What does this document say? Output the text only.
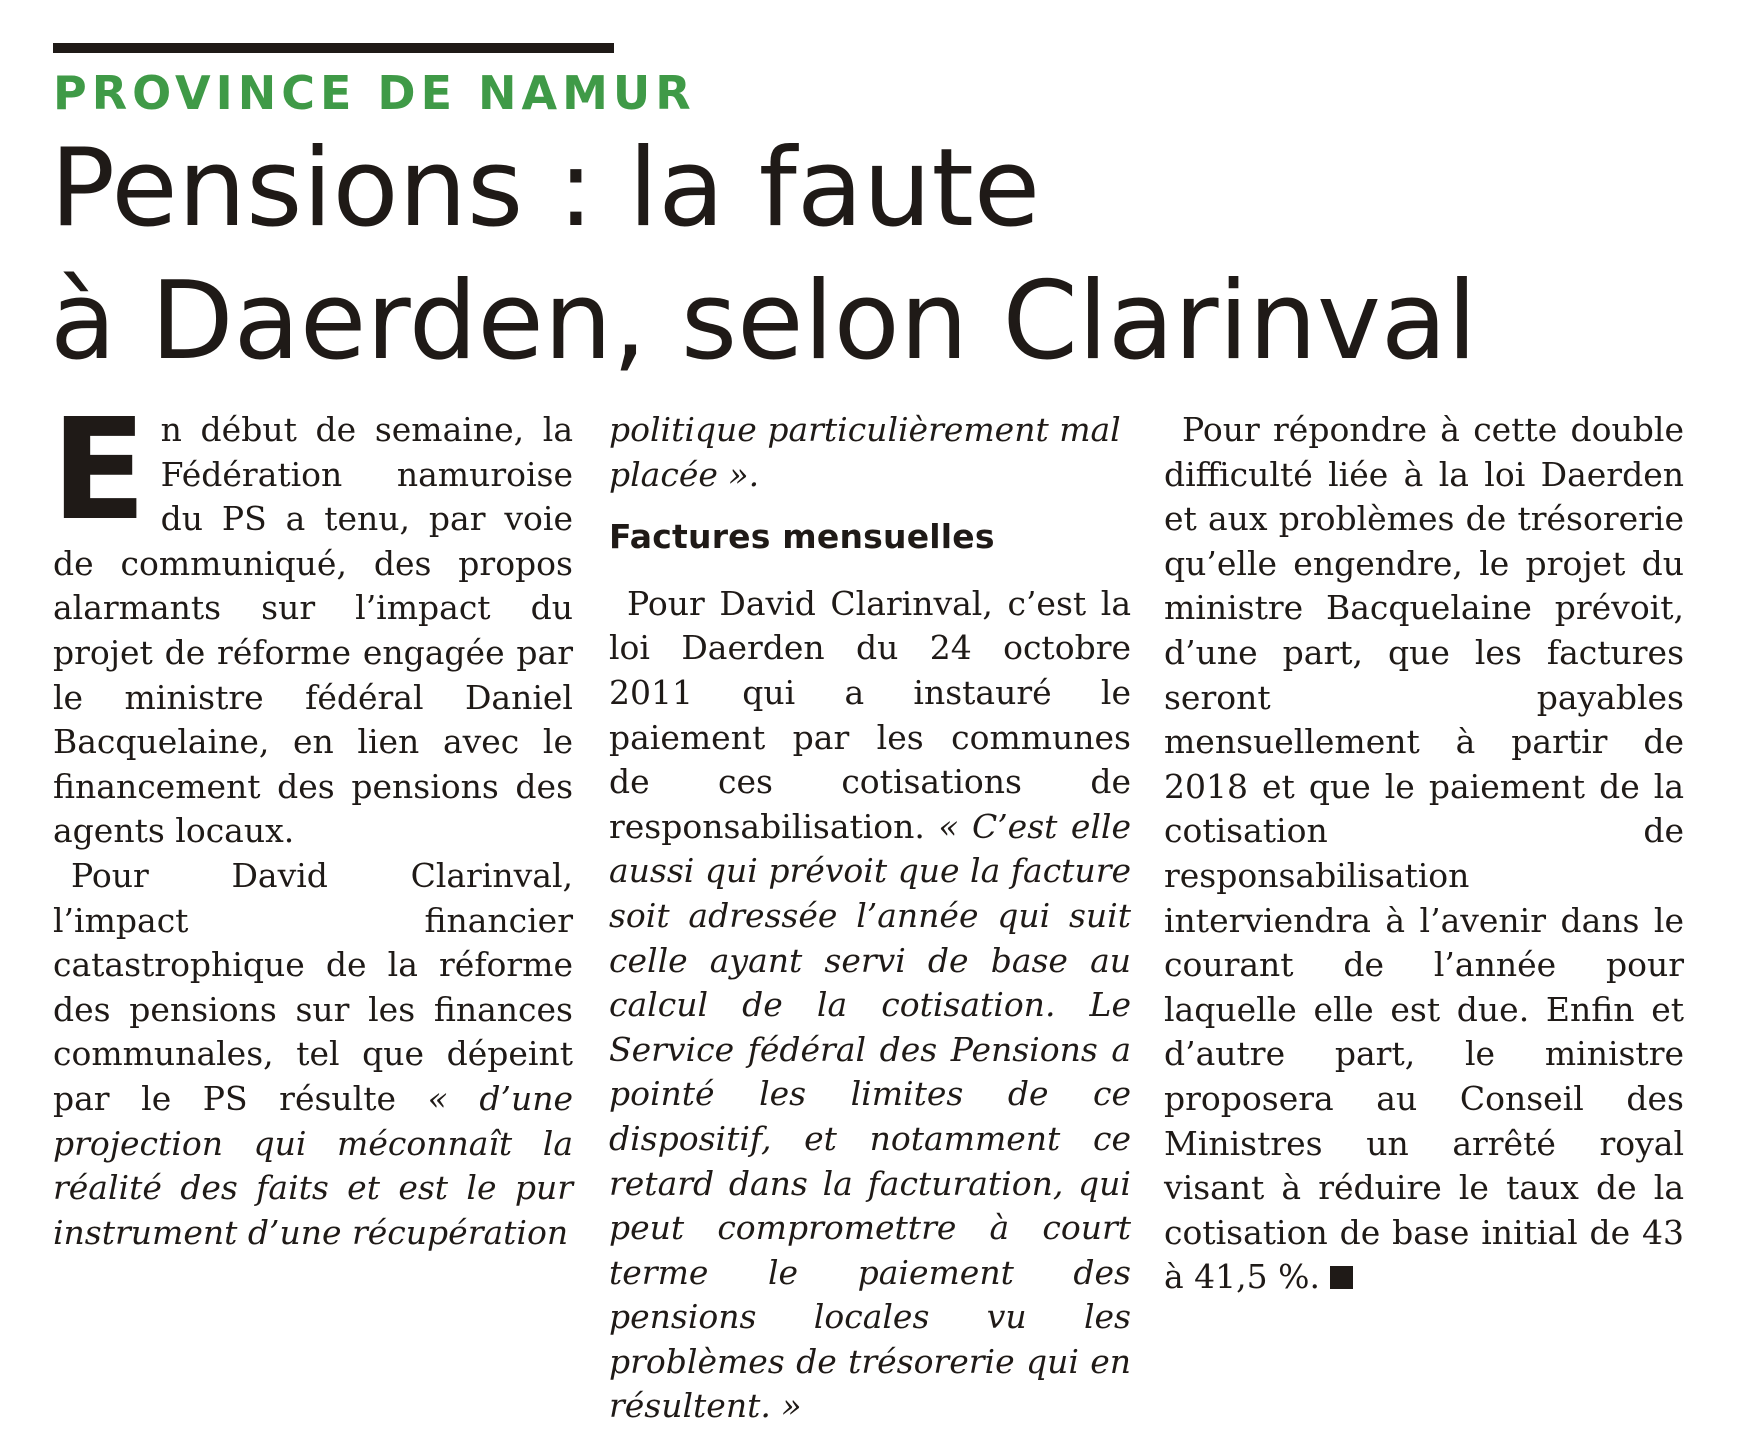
PROVINCE DE NAMUR
Pensions : la faute
à Daerden, selon Clarinval

En début de semaine, la Fédération namuroise du PS a tenu, par voie de communiqué, des propos alarmants sur l’impact du projet de réforme engagée par le ministre fédéral Daniel Bacquelaine, en lien avec le financement des pensions des agents locaux.

Pour David Clarinval, l’impact financier catastrophique de la réforme des pensions sur les finances communales, tel que dépeint par le PS résulte « d’une projection qui méconnaît la réalité des faits et est le pur instrument d’une récupération

politique particulièrement mal placée ».

Factures mensuelles

Pour David Clarinval, c’est la loi Daerden du 24 octobre 2011 qui a instauré le paiement par les communes de ces cotisations de responsabilisation. « C’est elle aussi qui prévoit que la facture soit adressée l’année qui suit celle ayant servi de base au calcul de la cotisation. Le Service fédéral des Pensions a pointé les limites de ce dispositif, et notamment ce retard dans la facturation, qui peut compromettre à court terme le paiement des pensions locales vu les problèmes de trésorerie qui en résultent. »

Pour répondre à cette double difficulté liée à la loi Daerden et aux problèmes de trésorerie qu’elle engendre, le projet du ministre Bacquelaine prévoit, d’une part, que les factures seront payables mensuellement à partir de 2018 et que le paiement de la cotisation de responsabilisation interviendra à l’avenir dans le courant de l’année pour laquelle elle est due. Enfin et d’autre part, le ministre proposera au Conseil des Ministres un arrêté royal visant à réduire le taux de la cotisation de base initial de 43 à 41,5 %.
